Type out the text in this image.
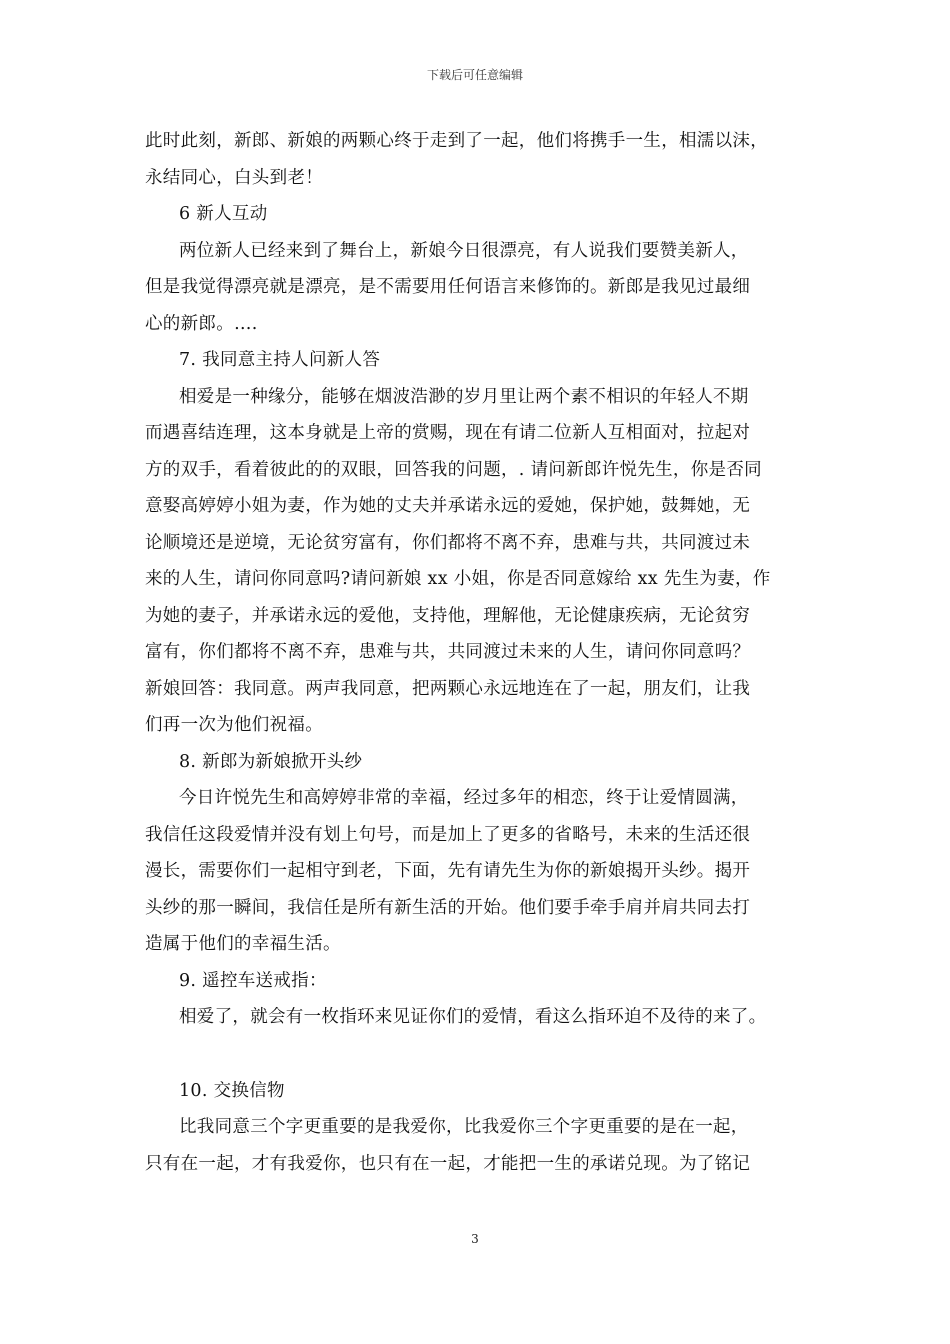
下载后可任意编辑
此时此刻，新郎、新娘的两颗心终于走到了一起，他们将携手一生，相濡以沫，
永结同心，白头到老！
6 新人互动
两位新人已经来到了舞台上，新娘今日很漂亮，有人说我们要赞美新人，
但是我觉得漂亮就是漂亮，是不需要用任何语言来修饰的。新郎是我见过最细
心的新郎。….
7. 我同意主持人问新人答
相爱是一种缘分，能够在烟波浩渺的岁月里让两个素不相识的年轻人不期
而遇喜结连理，这本身就是上帝的赏赐，现在有请二位新人互相面对，拉起对
方的双手，看着彼此的的双眼，回答我的问题，. 请问新郎许悦先生，你是否同
意娶高婷婷小姐为妻，作为她的丈夫并承诺永远的爱她，保护她，鼓舞她，无
论顺境还是逆境，无论贫穷富有，你们都将不离不弃，患难与共，共同渡过未
来的人生，请问你同意吗?请问新娘 xx 小姐，你是否同意嫁给 xx 先生为妻，作
为她的妻子，并承诺永远的爱他，支持他，理解他，无论健康疾病，无论贫穷
富有，你们都将不离不弃，患难与共，共同渡过未来的人生，请问你同意吗？
新娘回答：我同意。两声我同意，把两颗心永远地连在了一起，朋友们，让我
们再一次为他们祝福。
8. 新郎为新娘掀开头纱
今日许悦先生和高婷婷非常的幸福，经过多年的相恋，终于让爱情圆满，
我信任这段爱情并没有划上句号，而是加上了更多的省略号，未来的生活还很
漫长，需要你们一起相守到老，下面，先有请先生为你的新娘揭开头纱。揭开
头纱的那一瞬间，我信任是所有新生活的开始。他们要手牵手肩并肩共同去打
造属于他们的幸福生活。
9. 遥控车送戒指：
相爱了，就会有一枚指环来见证你们的爱情，看这么指环迫不及待的来了。
10. 交换信物
比我同意三个字更重要的是我爱你，比我爱你三个字更重要的是在一起，
只有在一起，才有我爱你，也只有在一起，才能把一生的承诺兑现。为了铭记
3
